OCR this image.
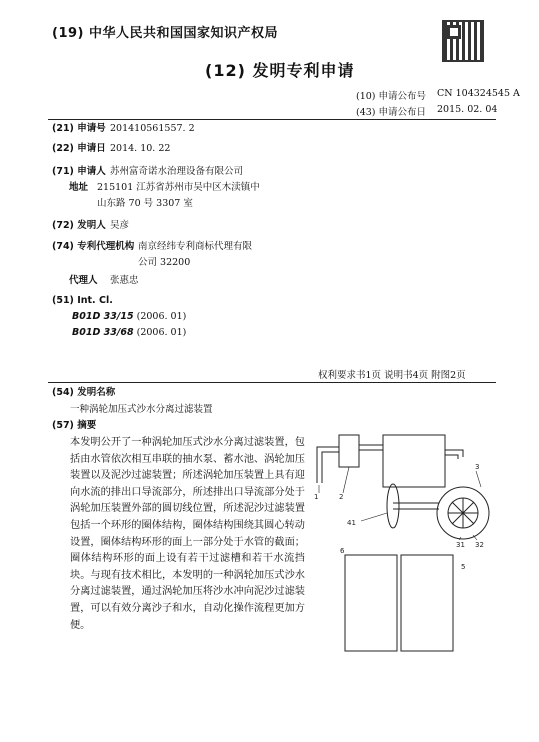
(19) 中华人民共和国国家知识产权局
(12) 发明专利申请
(10) 申请公布号 CN 104324545 A
(43) 申请公布日 2015. 02. 04
(21) 申请号 201410561557. 2
(22) 申请日 2014. 10. 22
(71) 申请人 苏州富奇诺水治理设备有限公司
地址 215101 江苏省苏州市吴中区木渎镇中
山东路 70 号 3307 室
(72) 发明人 吴彦
(74) 专利代理机构 南京经纬专利商标代理有限
公司 32200
代理人 张惠忠
(51) Int. Cl.
B01D 33/15 (2006. 01)
B01D 33/68 (2006. 01)
权利要求书1页 说明书4页 附图2页
(54) 发明名称
一种涡轮加压式沙水分离过滤装置
(57) 摘要
本发明公开了一种涡轮加压式沙水分离过滤装置，包括由水管依次相互串联的抽水泵、蓄水池、涡轮加压装置以及泥沙过滤装置；所述涡轮加压装置上具有迎向水流的排出口导流部分，所述排出口导流部分处于涡轮加压装置外部的圆切线位置，所述泥沙过滤装置包括一个环形的圈体结构，圈体结构围绕其圆心转动设置，圈体结构环形的面上一部分处于水管的截面；圈体结构环形的面上设有若干过滤槽和若干水流挡块。与现有技术相比，本发明的一种涡轮加压式沙水分离过滤装置，通过涡轮加压将沙水冲向泥沙过滤装置，可以有效分离沙子和水，自动化操作流程更加方便。
1	2
3
41
31 32
6
5
